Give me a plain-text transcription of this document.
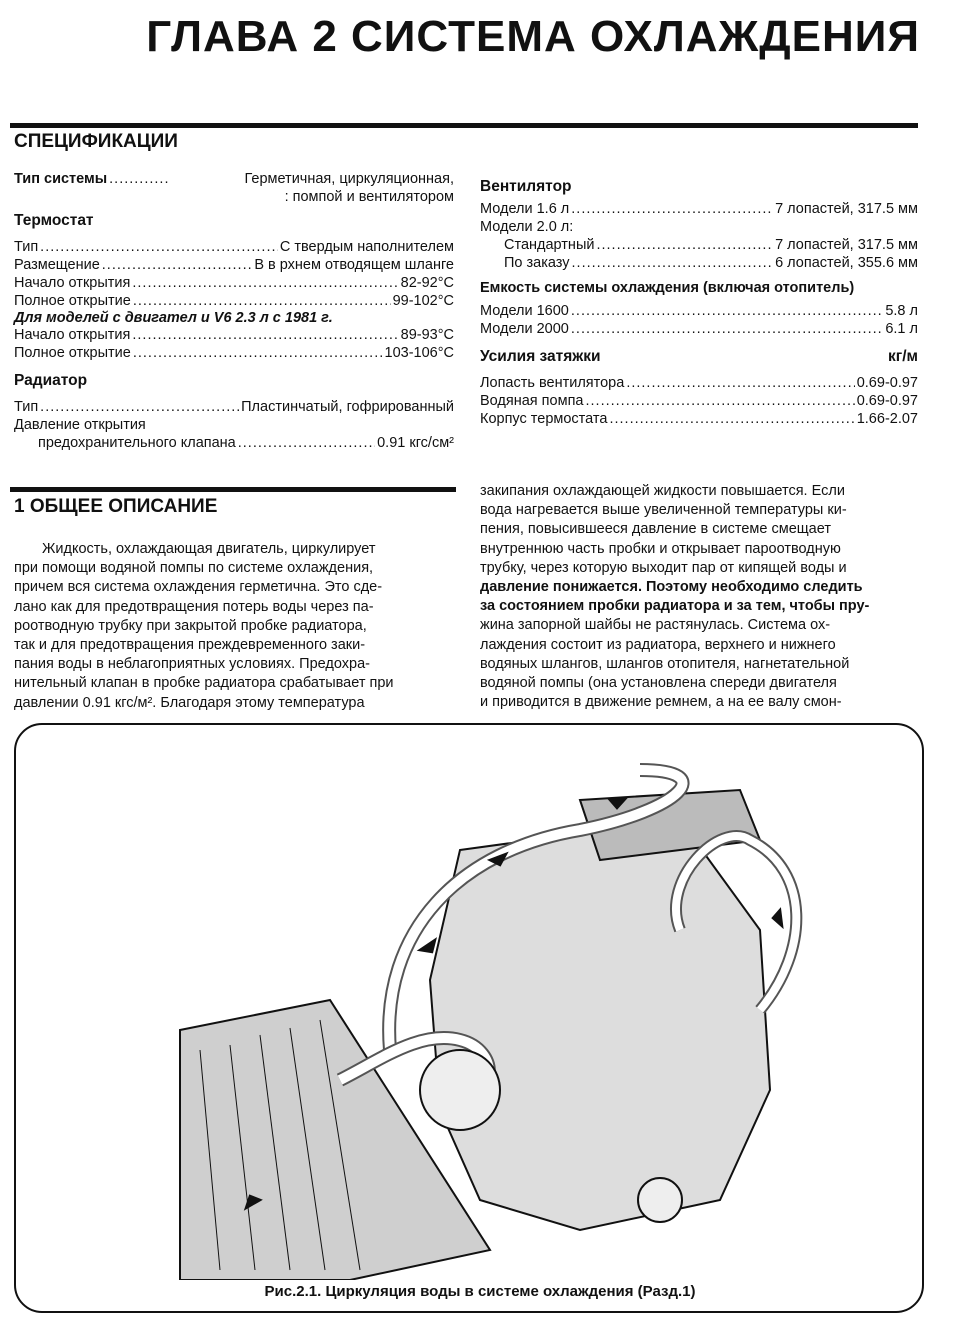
ГЛАВА 2 СИСТЕМА ОХЛАЖДЕНИЯ
СПЕЦИФИКАЦИИ
Тип системы .....	Герметичная, циркуляционная,
: помпой и вентилятором
Термостат
Тип .....	С твердым наполнителем
Размещение .....	В в рхнем отводящем шланге
Начало открытия .....	82-92°С
Полное открытие .....	99-102°С
Для моделей с двигател и V6 2.3 л с 1981 г.
Начало открытия .....	89-93°С
Полное открытие .....	103-106°С
Радиатор
Тип .....	Пластинчатый, гофрированный
Давление открытия
предохранительного клапана .....	0.91 кгс/см²
Вентилятор
Модели 1.6 л .....	7 лопастей, 317.5 мм
Модели 2.0 л:
Стандартный .....	7 лопастей, 317.5 мм
По заказу .....	6 лопастей, 355.6 мм
Емкость системы охлаждения (включая отопитель)
Модели 1600 .....	5.8 л
Модели 2000 .....	6.1 л
Усилия затяжки	кг/м
Лопасть вентилятора .....	0.69-0.97
Водяная помпа .....	0.69-0.97
Корпус термостата .....	1.66-2.07
1 ОБЩЕЕ ОПИСАНИЕ
Жидкость, охлаждающая двигатель, циркулирует
при помощи водяной помпы по системе охлаждения,
причем вся система охлаждения герметична. Это сде-
лано как для предотвращения потерь воды через па-
роотводную трубку при закрытой пробке радиатора,
так и для предотвращения преждевременного заки-
пания воды в неблагоприятных условиях. Предохра-
нительный клапан в пробке радиатора срабатывает при
давлении 0.91 кгс/м². Благодаря этому температура
закипания охлаждающей жидкости повышается. Если
вода нагревается выше увеличенной температуры ки-
пения, повысившееся давление в системе смещает
внутреннюю часть пробки и открывает пароотводную
трубку, через которую выходит пар от кипящей воды и
давление понижается. Поэтому необходимо следить
за состоянием пробки радиатора и за тем, чтобы пру-
жина запорной шайбы не растянулась. Система ох-
лаждения состоит из радиатора, верхнего и нижнего
водяных шлангов, шлангов отопителя, нагнетательной
водяной помпы (она установлена спереди двигателя
и приводится в движение ремнем, а на ее валу смон-
Рис.2.1. Циркуляция воды в системе охлаждения (Разд.1)
